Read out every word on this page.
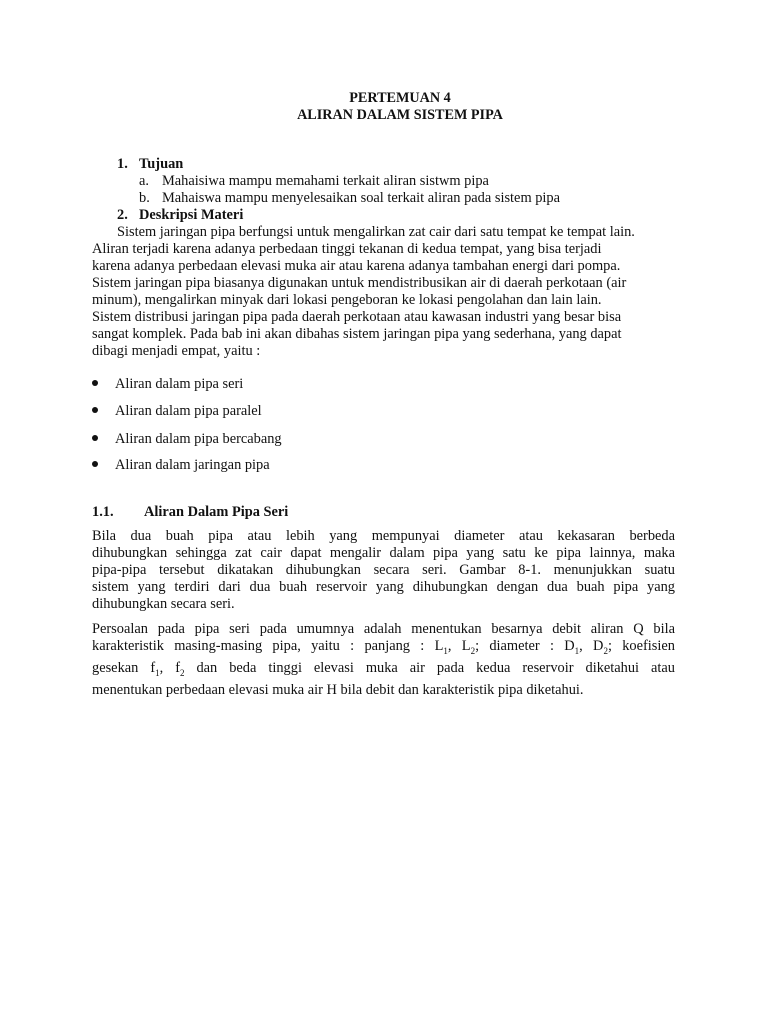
PERTEMUAN 4
ALIRAN DALAM SISTEM PIPA
1. Tujuan
a. Mahaisiwa mampu memahami terkait aliran sistwm pipa
b. Mahaiswa mampu menyelesaikan soal terkait aliran pada sistem pipa
2. Deskripsi Materi
Sistem jaringan pipa berfungsi untuk mengalirkan zat cair dari satu tempat ke tempat lain.
Aliran terjadi karena adanya perbedaan tinggi tekanan di kedua tempat, yang bisa terjadi
karena adanya perbedaan elevasi muka air atau karena adanya tambahan energi dari pompa.
Sistem jaringan pipa biasanya digunakan untuk mendistribusikan air di daerah perkotaan (air
minum), mengalirkan minyak dari lokasi pengeboran ke lokasi pengolahan dan lain lain.
Sistem distribusi jaringan pipa pada daerah perkotaan atau kawasan industri yang besar bisa
sangat komplek. Pada bab ini akan dibahas sistem jaringan pipa yang sederhana, yang dapat
dibagi menjadi empat, yaitu :
Aliran dalam pipa seri
Aliran dalam pipa paralel
Aliran dalam pipa bercabang
Aliran dalam jaringan pipa
1.1. Aliran Dalam Pipa Seri
Bila dua buah pipa atau lebih yang mempunyai diameter atau kekasaran berbeda
dihubungkan sehingga zat cair dapat mengalir dalam pipa yang satu ke pipa lainnya, maka
pipa-pipa tersebut dikatakan dihubungkan secara seri. Gambar 8-1. menunjukkan suatu
sistem yang terdiri dari dua buah reservoir yang dihubungkan dengan dua buah pipa yang
dihubungkan secara seri.
Persoalan pada pipa seri pada umumnya adalah menentukan besarnya debit aliran Q bila
karakteristik masing-masing pipa, yaitu : panjang : $L_1$, $L_2$; diameter : $D_1$, $D_2$; koefisien
gesekan $f_1$, $f_2$ dan beda tinggi elevasi muka air pada kedua reservoir diketahui atau
menentukan perbedaan elevasi muka air H bila debit dan karakteristik pipa diketahui.
